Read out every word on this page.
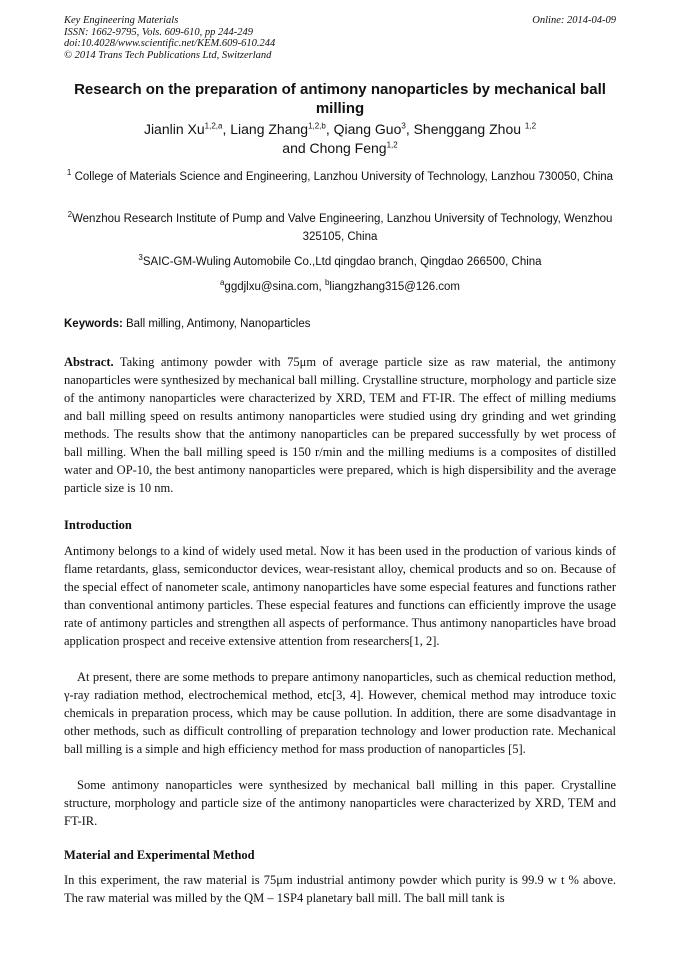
Key Engineering Materials
ISSN: 1662-9795, Vols. 609-610, pp 244-249
doi:10.4028/www.scientific.net/KEM.609-610.244
© 2014 Trans Tech Publications Ltd, Switzerland
Online: 2014-04-09
Research on the preparation of antimony nanoparticles by mechanical ball milling
Jianlin Xu$^{1,2,a}$, Liang Zhang$^{1,2,b}$, Qiang Guo$^3$, Shenggang Zhou $^{1,2}$
and Chong Feng$^{1,2}$
$^1$ College of Materials Science and Engineering, Lanzhou University of Technology, Lanzhou 730050, China
$^2$Wenzhou Research Institute of Pump and Valve Engineering, Lanzhou University of Technology, Wenzhou 325105, China
$^3$SAIC-GM-Wuling Automobile Co.,Ltd qingdao branch, Qingdao 266500, China
$^a$ggdjlxu@sina.com, $^b$liangzhang315@126.com
Keywords: Ball milling, Antimony, Nanoparticles
Abstract. Taking antimony powder with 75μm of average particle size as raw material, the antimony nanoparticles were synthesized by mechanical ball milling. Crystalline structure, morphology and particle size of the antimony nanoparticles were characterized by XRD, TEM and FT-IR. The effect of milling mediums and ball milling speed on results antimony nanoparticles were studied using dry grinding and wet grinding methods. The results show that the antimony nanoparticles can be prepared successfully by wet process of ball milling. When the ball milling speed is 150 r/min and the milling mediums is a composites of distilled water and OP-10, the best antimony nanoparticles were prepared, which is high dispersibility and the average particle size is 10 nm.
Introduction
Antimony belongs to a kind of widely used metal. Now it has been used in the production of various kinds of flame retardants, glass, semiconductor devices, wear-resistant alloy, chemical products and so on. Because of the special effect of nanometer scale, antimony nanoparticles have some especial features and functions rather than conventional antimony particles. These especial features and functions can efficiently improve the usage rate of antimony particles and strengthen all aspects of performance. Thus antimony nanoparticles have broad application prospect and receive extensive attention from researchers[1, 2].
At present, there are some methods to prepare antimony nanoparticles, such as chemical reduction method, γ-ray radiation method, electrochemical method, etc[3, 4]. However, chemical method may introduce toxic chemicals in preparation process, which may be cause pollution. In addition, there are some disadvantage in other methods, such as difficult controlling of preparation technology and lower production rate. Mechanical ball milling is a simple and high efficiency method for mass production of nanoparticles [5].
Some antimony nanoparticles were synthesized by mechanical ball milling in this paper. Crystalline structure, morphology and particle size of the antimony nanoparticles were characterized by XRD, TEM and FT-IR.
Material and Experimental Method
In this experiment, the raw material is 75μm industrial antimony powder which purity is 99.9 w t % above. The raw material was milled by the QM – 1SP4 planetary ball mill. The ball mill tank is
